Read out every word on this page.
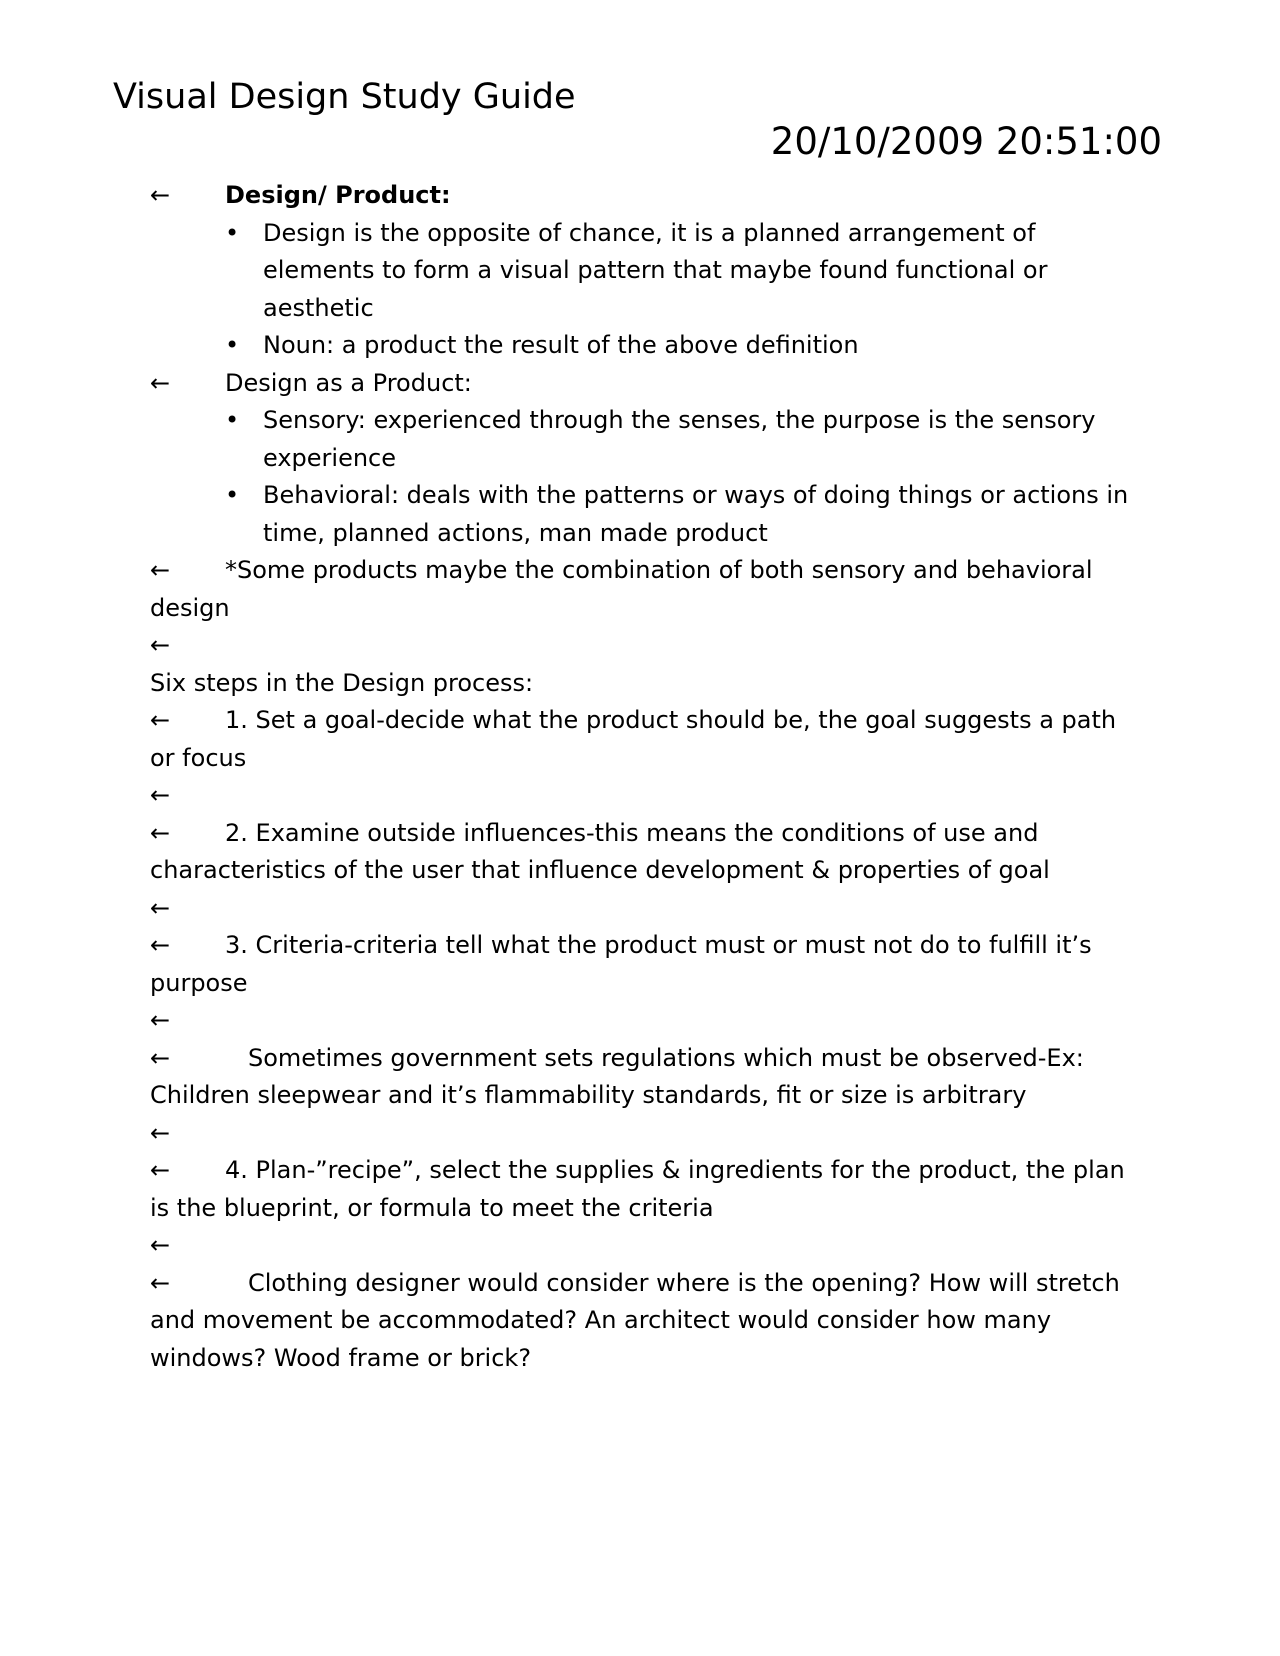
Visual Design Study Guide
20/10/2009 20:51:00
← Design/ Product:
• Design is the opposite of chance, it is a planned arrangement of elements to form a visual pattern that maybe found functional or aesthetic
• Noun: a product the result of the above definition
← Design as a Product:
• Sensory: experienced through the senses, the purpose is the sensory experience
• Behavioral: deals with the patterns or ways of doing things or actions in time, planned actions, man made product
← *Some products maybe the combination of both sensory and behavioral design
←
Six steps in the Design process:
← 1. Set a goal-decide what the product should be, the goal suggests a path or focus
←
← 2. Examine outside influences-this means the conditions of use and characteristics of the user that influence development & properties of goal
←
← 3. Criteria-criteria tell what the product must or must not do to fulfill it’s purpose
←
←	Sometimes government sets regulations which must be observed-Ex: Children sleepwear and it’s flammability standards, fit or size is arbitrary
←
← 4. Plan-”recipe”, select the supplies & ingredients for the product, the plan is the blueprint, or formula to meet the criteria
←
←	Clothing designer would consider where is the opening? How will stretch and movement be accommodated? An architect would consider how many windows? Wood frame or brick?
